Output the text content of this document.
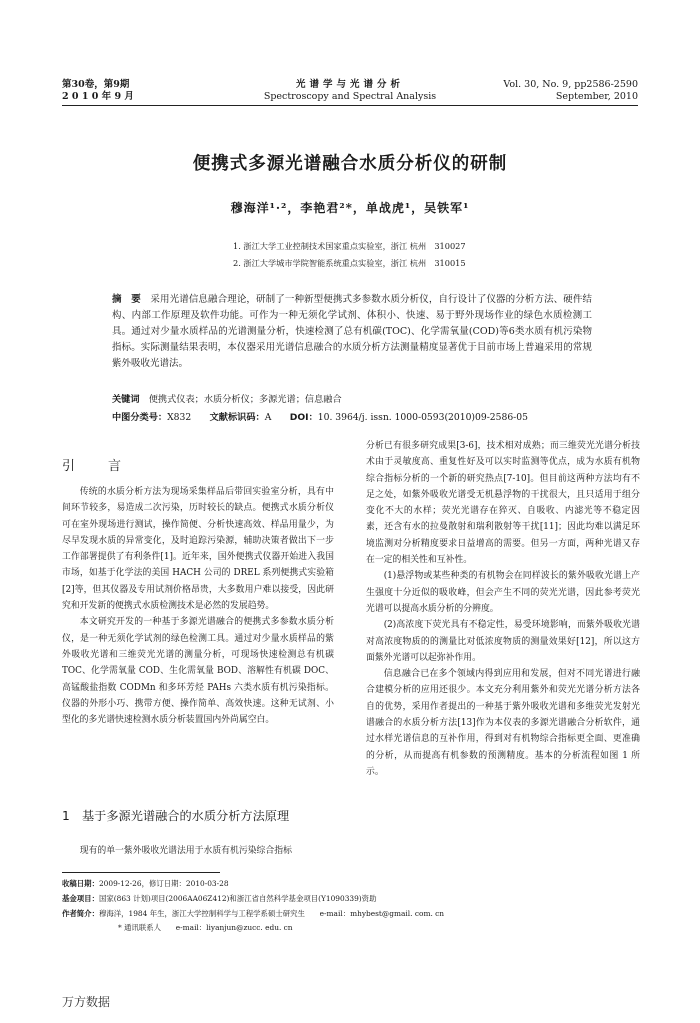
第30卷，第9期
2 0 1 0 年 9 月
光谱学与光谱分析
Spectroscopy and Spectral Analysis
Vol. 30, No. 9, pp2586-2590
September, 2010
便携式多源光谱融合水质分析仪的研制
穆海洋¹·²，李艳君²*，单战虎¹，吴铁军¹
1. 浙江大学工业控制技术国家重点实验室，浙江 杭州　310027
2. 浙江大学城市学院智能系统重点实验室，浙江 杭州　310015
摘　要　 采用光谱信息融合理论，研制了一种新型便携式多参数水质分析仪，自行设计了仪器的分析方法、硬件结构、内部工作原理及软件功能。可作为一种无须化学试剂、体积小、快速、易于野外现场作业的绿色水质检测工具。通过对少量水质样品的光谱测量分析，快速检测了总有机碳(TOC)、化学需氧量(COD)等6类水质有机污染物指标。实际测量结果表明，本仪器采用光谱信息融合的水质分析方法测量精度显著优于目前市场上普遍采用的常规紫外吸收光谱法。
关键词　 便携式仪表；水质分析仪；多源光谱；信息融合
中图分类号：X832　　 文献标识码：A　　 DOI：10. 3964/j. issn. 1000-0593(2010)09-2586-05
引　言

传统的水质分析方法为现场采集样品后带回实验室分析，具有中间环节较多，易造成二次污染，历时较长的缺点。便携式水质分析仪可在室外现场进行测试，操作简便、分析快速高效、样品用量少，为尽早发现水质的异常变化，及时追踪污染源，辅助决策者做出下一步工作部署提供了有利条件[1]。近年来，国外便携式仪器开始进入我国市场，如基于化学法的美国 HACH 公司的 DREL 系列便携式实验箱[2]等，但其仪器及专用试剂价格昂贵，大多数用户难以接受，因此研究和开发新的便携式水质检测技术是必然的发展趋势。

本文研究开发的一种基于多源光谱融合的便携式多参数水质分析仪，是一种无须化学试剂的绿色检测工具。通过对少量水质样品的紫外吸收光谱和三维荧光光谱的测量分析，可现场快速检测总有机碳 TOC、化学需氧量 COD、生化需氧量 BOD、溶解性有机碳 DOC、高锰酸盐指数 CODMn 和多环芳烃 PAHs 六类水质有机污染指标。仪器的外形小巧、携带方便、操作简单、高效快速。这种无试剂、小型化的多光谱快速检测水质分析装置国内外尚属空白。

1　基于多源光谱融合的水质分析方法原理

现有的单一紫外吸收光谱法用于水质有机污染综合指标

分析已有很多研究成果[3-6]，技术相对成熟；而三维荧光光谱分析技术由于灵敏度高、重复性好及可以实时监测等优点，成为水质有机物综合指标分析的一个新的研究热点[7-10]。但目前这两种方法均有不足之处，如紫外吸收光谱受无机悬浮物的干扰很大，且只适用于组分变化不大的水样；荧光光谱存在猝灭、自吸收、内滤光等不稳定因素，还含有水的拉曼散射和瑞利散射等干扰[11]；因此均难以满足环境监测对分析精度要求日益增高的需要。但另一方面，两种光谱又存在一定的相关性和互补性。

(1)悬浮物或某些种类的有机物会在同样波长的紫外吸收光谱上产生强度十分近似的吸收峰，但会产生不同的荧光光谱，因此参考荧光光谱可以提高水质分析的分辨度。

(2)高浓度下荧光具有不稳定性，易受环境影响，而紫外吸收光谱对高浓度物质的的测量比对低浓度物质的测量效果好[12]，所以这方面紫外光谱可以起弥补作用。

信息融合已在多个领域内得到应用和发展，但对不同光谱进行融合建模分析的应用还很少。本文充分利用紫外和荧光光谱分析方法各自的优势，采用作者提出的一种基于紫外吸收光谱和多维荧光发射光谱融合的水质分析方法[13]作为本仪表的多源光谱融合分析软件，通过水样光谱信息的互补作用，得到对有机物综合指标更全面、更准确的分析，从而提高有机参数的预测精度。基本的分析流程如图 1 所示。

收稿日期：2009-12-26，修订日期：2010-03-28
基金项目：国家(863 计划)项目(2006AA06Z412)和浙江省自然科学基金项目(Y1090339)资助
作者简介：穆海洋，1984 年生，浙江大学控制科学与工程学系硕士研究生　　e-mail：mhybest@gmail. com. cn
* 通讯联系人　　e-mail：liyanjun@zucc. edu. cn
万方数据
